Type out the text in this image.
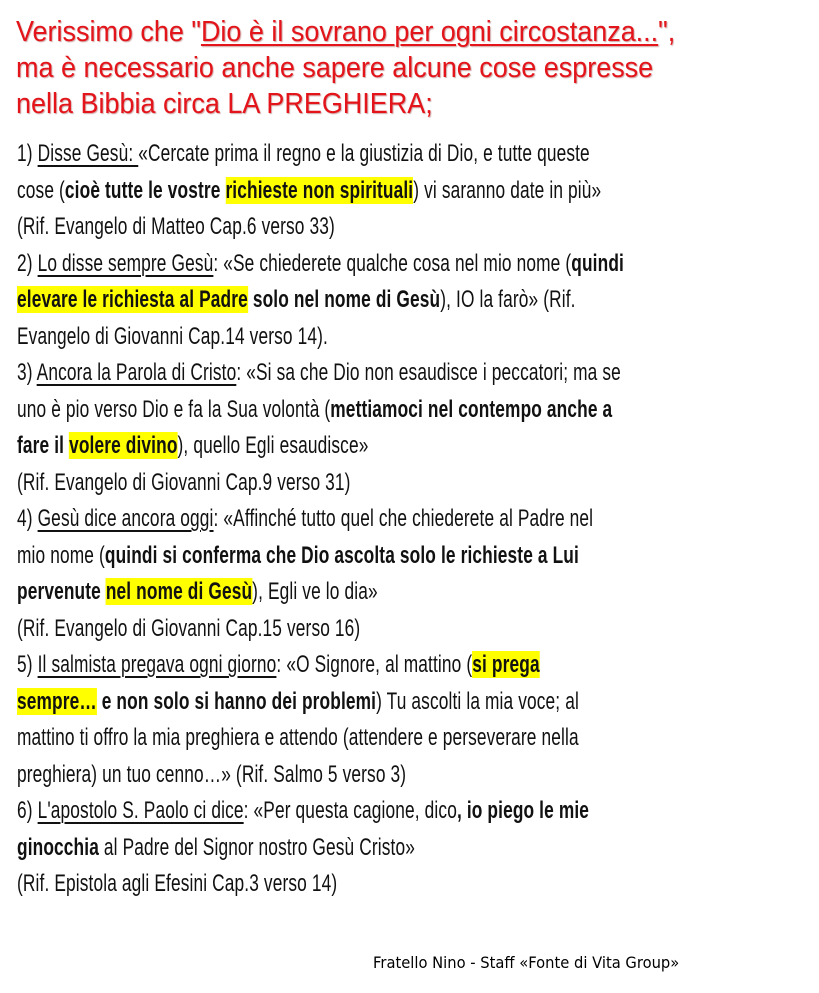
Verissimo che "Dio è il sovrano per ogni circostanza...",
ma è necessario anche sapere alcune cose espresse
nella Bibbia circa LA PREGHIERA;
1) Disse Gesù: «Cercate prima il regno e la giustizia di Dio, e tutte queste
cose (cioè tutte le vostre richieste non spirituali) vi saranno date in più»
(Rif. Evangelo di Matteo Cap.6 verso 33)
2) Lo disse sempre Gesù: «Se chiederete qualche cosa nel mio nome (quindi
elevare le richiesta al Padre solo nel nome di Gesù), IO la farò» (Rif.
Evangelo di Giovanni Cap.14 verso 14).
3) Ancora la Parola di Cristo: «Si sa che Dio non esaudisce i peccatori; ma se
uno è pio verso Dio e fa la Sua volontà (mettiamoci nel contempo anche a
fare il volere divino), quello Egli esaudisce»
(Rif. Evangelo di Giovanni Cap.9 verso 31)
4) Gesù dice ancora oggi: «Affinché tutto quel che chiederete al Padre nel
mio nome (quindi si conferma che Dio ascolta solo le richieste a Lui
pervenute nel nome di Gesù), Egli ve lo dia»
(Rif. Evangelo di Giovanni Cap.15 verso 16)
5) Il salmista pregava ogni giorno: «O Signore, al mattino (si prega
sempre… e non solo si hanno dei problemi) Tu ascolti la mia voce; al
mattino ti offro la mia preghiera e attendo (attendere e perseverare nella
preghiera) un tuo cenno…» (Rif. Salmo 5 verso 3)
6) L'apostolo S. Paolo ci dice: «Per questa cagione, dico, io piego le mie
ginocchia al Padre del Signor nostro Gesù Cristo»
(Rif. Epistola agli Efesini Cap.3 verso 14)
Fratello Nino - Staff «Fonte di Vita Group»
